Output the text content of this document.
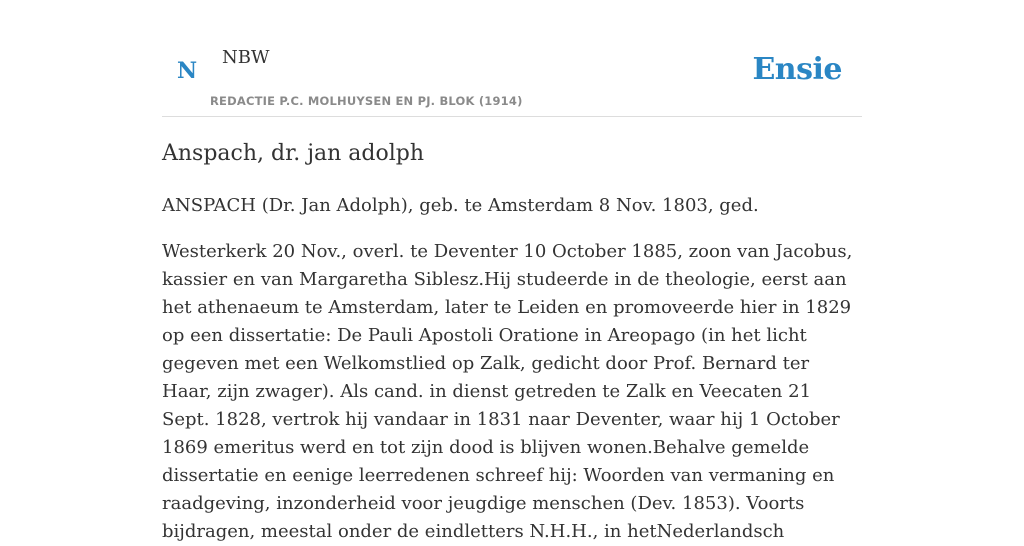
N
NBW
REDACTIE P.C. MOLHUYSEN EN PJ. BLOK (1914)
Ensie
Anspach, dr. jan adolph

ANSPACH (Dr. Jan Adolph), geb. te Amsterdam 8 Nov. 1803, ged.

Westerkerk 20 Nov., overl. te Deventer 10 October 1885, zoon van Jacobus, kassier en van Margaretha Siblesz.Hij studeerde in de theologie, eerst aan het athenaeum te Amsterdam, later te Leiden en promoveerde hier in 1829 op een dissertatie: De Pauli Apostoli Oratione in Areopago (in het licht gegeven met een Welkomstlied op Zalk, gedicht door Prof. Bernard ter Haar, zijn zwager). Als cand. in dienst getreden te Zalk en Veecaten 21 Sept. 1828, vertrok hij vandaar in 1831 naar Deventer, waar hij 1 October 1869 emeritus werd en tot zijn dood is blijven wonen.Behalve gemelde dissertatie en eenige leerredenen schreef hij: Woorden van vermaning en raadgeving, inzonderheid voor jeugdige menschen (Dev. 1853). Voorts bijdragen, meestal onder de eindletters N.H.H., in hetNederlandsch
